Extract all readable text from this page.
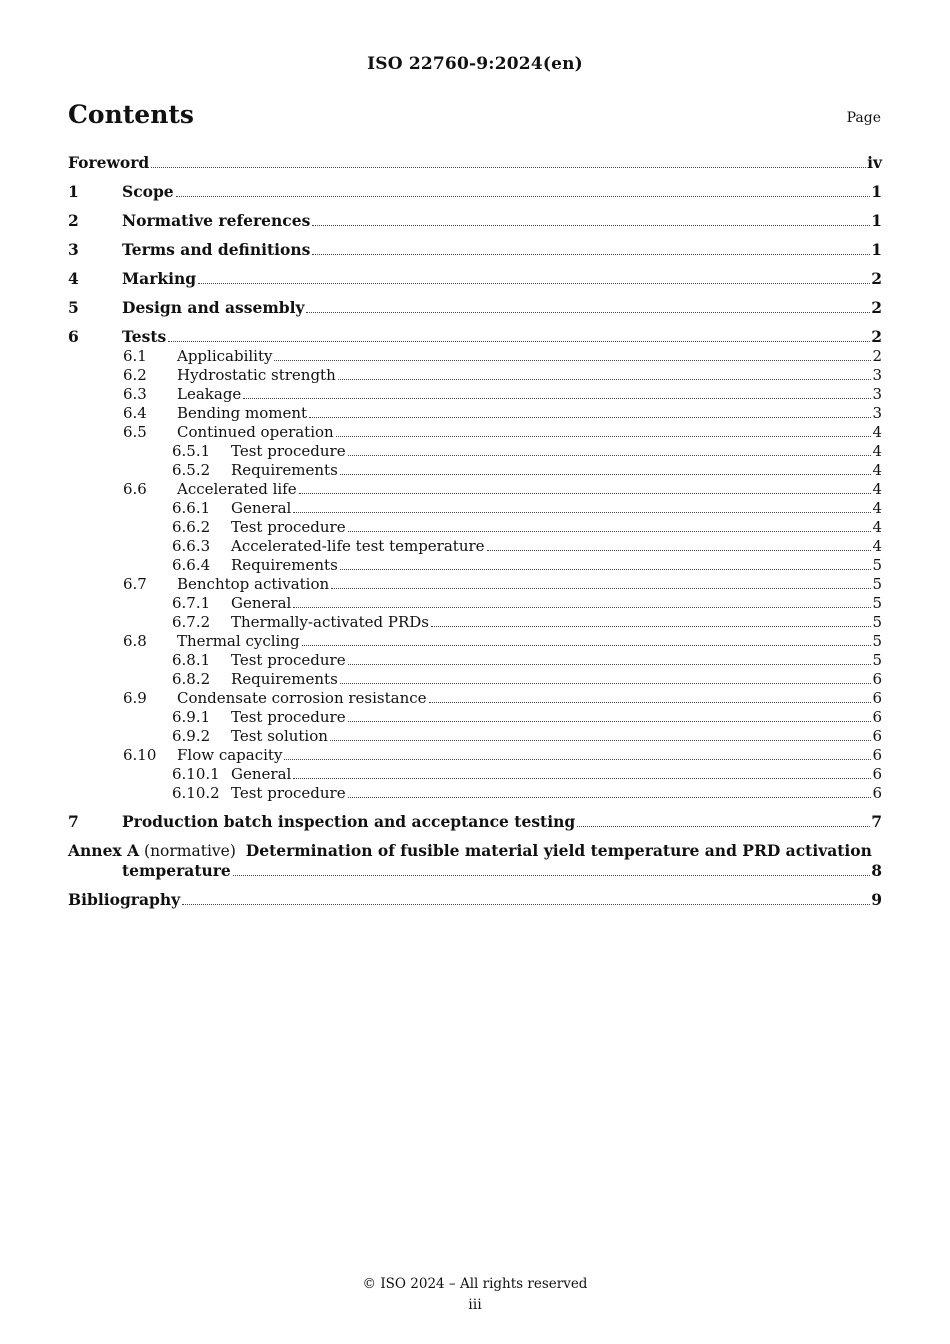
ISO 22760-9:2024(en)
Contents	Page
Foreword	iv
1	Scope	1
2	Normative references	1
3	Terms and definitions	1
4	Marking	2
5	Design and assembly	2
6	Tests	2
6.1	Applicability	2
6.2	Hydrostatic strength	3
6.3	Leakage	3
6.4	Bending moment	3
6.5	Continued operation	4
6.5.1	Test procedure	4
6.5.2	Requirements	4
6.6	Accelerated life	4
6.6.1	General	4
6.6.2	Test procedure	4
6.6.3	Accelerated-life test temperature	4
6.6.4	Requirements	5
6.7	Benchtop activation	5
6.7.1	General	5
6.7.2	Thermally-activated PRDs	5
6.8	Thermal cycling	5
6.8.1	Test procedure	5
6.8.2	Requirements	6
6.9	Condensate corrosion resistance	6
6.9.1	Test procedure	6
6.9.2	Test solution	6
6.10	Flow capacity	6
6.10.1 General	6
6.10.2 Test procedure	6
7	Production batch inspection and acceptance testing	7
Annex A (normative) Determination of fusible material yield temperature and PRD activation
temperature	8
Bibliography	9
© ISO 2024 – All rights reserved
iii
